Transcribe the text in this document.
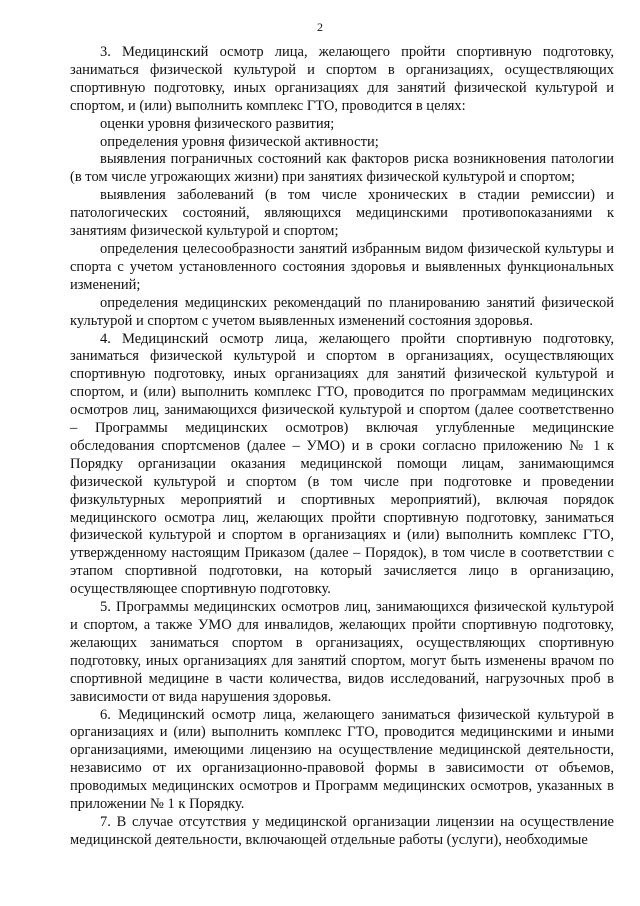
2

3. Медицинский осмотр лица, желающего пройти спортивную подготовку, заниматься физической культурой и спортом в организациях, осуществляющих спортивную подготовку, иных организациях для занятий физической культурой и спортом, и (или) выполнить комплекс ГТО, проводится в целях:

оценки уровня физического развития;

определения уровня физической активности;

выявления пограничных состояний как факторов риска возникновения патологии (в том числе угрожающих жизни) при занятиях физической культурой и спортом;

выявления заболеваний (в том числе хронических в стадии ремиссии) и патологических состояний, являющихся медицинскими противопоказаниями к занятиям физической культурой и спортом;

определения целесообразности занятий избранным видом физической культуры и спорта с учетом установленного состояния здоровья и выявленных функциональных изменений;

определения медицинских рекомендаций по планированию занятий физической культурой и спортом с учетом выявленных изменений состояния здоровья.

4. Медицинский осмотр лица, желающего пройти спортивную подготовку, заниматься физической культурой и спортом в организациях, осуществляющих спортивную подготовку, иных организациях для занятий физической культурой и спортом, и (или) выполнить комплекс ГТО, проводится по программам медицинских осмотров лиц, занимающихся физической культурой и спортом (далее соответственно – Программы медицинских осмотров) включая углубленные медицинские обследования спортсменов (далее – УМО) и в сроки согласно приложению № 1 к Порядку организации оказания медицинской помощи лицам, занимающимся физической культурой и спортом (в том числе при подготовке и проведении физкультурных мероприятий и спортивных мероприятий), включая порядок медицинского осмотра лиц, желающих пройти спортивную подготовку, заниматься физической культурой и спортом в организациях и (или) выполнить комплекс ГТО, утвержденному настоящим Приказом (далее – Порядок), в том числе в соответствии с этапом спортивной подготовки, на который зачисляется лицо в организацию, осуществляющее спортивную подготовку.

5. Программы медицинских осмотров лиц, занимающихся физической культурой и спортом, а также УМО для инвалидов, желающих пройти спортивную подготовку, желающих заниматься спортом в организациях, осуществляющих спортивную подготовку, иных организациях для занятий спортом, могут быть изменены врачом по спортивной медицине в части количества, видов исследований, нагрузочных проб в зависимости от вида нарушения здоровья.

6. Медицинский осмотр лица, желающего заниматься физической культурой в организациях и (или) выполнить комплекс ГТО, проводится медицинскими и иными организациями, имеющими лицензию на осуществление медицинской деятельности, независимо от их организационно-правовой формы в зависимости от объемов, проводимых медицинских осмотров и Программ медицинских осмотров, указанных в приложении № 1 к Порядку.

7. В случае отсутствия у медицинской организации лицензии на осуществление медицинской деятельности, включающей отдельные работы (услуги), необходимые
